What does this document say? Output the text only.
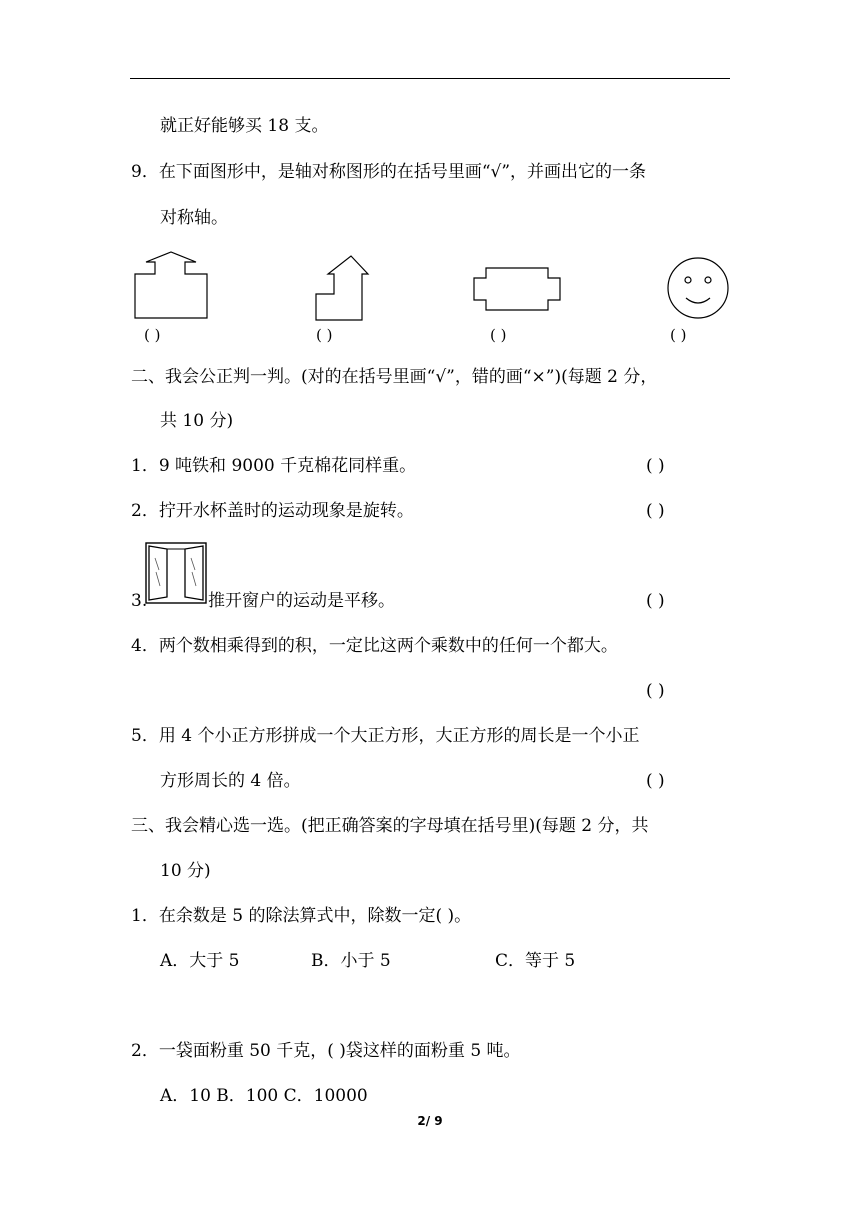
就正好能够买 18 支。
9．在下面图形中，是轴对称图形的在括号里画“√”，并画出它的一条
对称轴。
( )	( )	( )	( )
二、我会公正判一判。(对的在括号里画“√”，错的画“×”)(每题 2 分，
共 10 分)
1．9 吨铁和 9000 千克棉花同样重。	( )
2．拧开水杯盖时的运动现象是旋转。	( )
3.	推开窗户的运动是平移。	( )
4．两个数相乘得到的积，一定比这两个乘数中的任何一个都大。
( )
5．用 4 个小正方形拼成一个大正方形，大正方形的周长是一个小正
方形周长的 4 倍。	( )
三、我会精心选一选。(把正确答案的字母填在括号里)(每题 2 分，共
10 分)
1．在余数是 5 的除法算式中，除数一定( )。
A．大于 5	B．小于 5	C．等于 5
2．一袋面粉重 50 千克，( )袋这样的面粉重 5 吨。
A．10 B．100 C．10000
2/ 9
